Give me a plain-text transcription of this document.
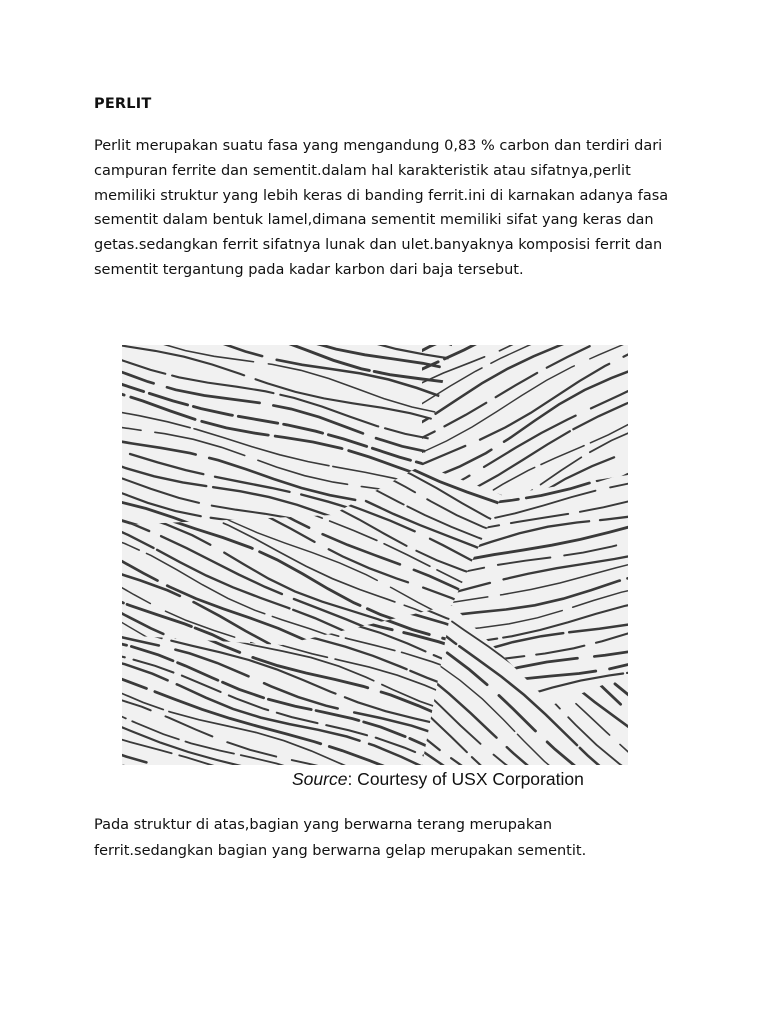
PERLIT
Perlit merupakan suatu fasa yang mengandung 0,83 % carbon dan terdiri dari
campuran ferrite dan sementit.dalam hal karakteristik atau sifatnya,perlit
memiliki struktur yang lebih keras di banding ferrit.ini di karnakan adanya fasa
sementit dalam bentuk lamel,dimana sementit memiliki sifat yang keras dan
getas.sedangkan ferrit sifatnya lunak dan ulet.banyaknya komposisi ferrit dan
sementit tergantung pada kadar karbon dari baja tersebut.
Source: Courtesy of USX Corporation
Pada struktur di atas,bagian yang berwarna terang merupakan
ferrit.sedangkan bagian yang berwarna gelap merupakan sementit.
